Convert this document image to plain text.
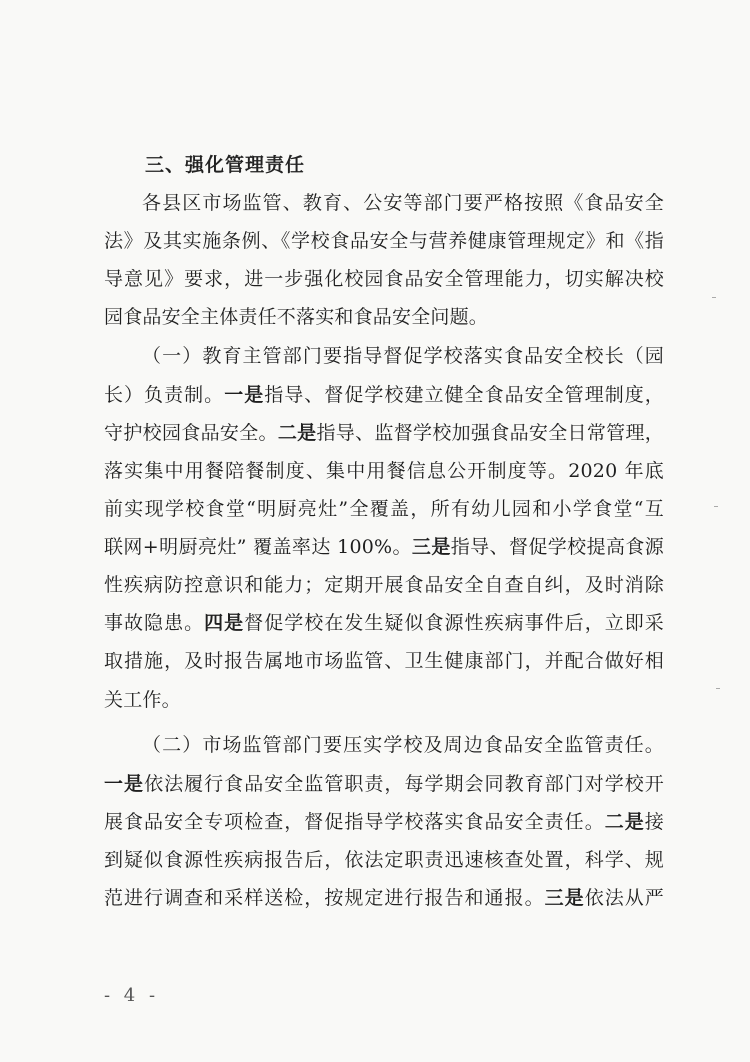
三、强化管理责任
各县区市场监管、教育、公安等部门要严格按照《食品安全
法》及其实施条例、《学校食品安全与营养健康管理规定》和《指
导意见》要求，进一步强化校园食品安全管理能力，切实解决校
园食品安全主体责任不落实和食品安全问题。
（一）教育主管部门要指导督促学校落实食品安全校长（园
长）负责制。一是指导、督促学校建立健全食品安全管理制度，
守护校园食品安全。二是指导、监督学校加强食品安全日常管理，
落实集中用餐陪餐制度、集中用餐信息公开制度等。2020 年底
前实现学校食堂“明厨亮灶”全覆盖，所有幼儿园和小学食堂“互
联网+明厨亮灶” 覆盖率达 100%。三是指导、督促学校提高食源
性疾病防控意识和能力；定期开展食品安全自查自纠，及时消除
事故隐患。四是督促学校在发生疑似食源性疾病事件后，立即采
取措施，及时报告属地市场监管、卫生健康部门，并配合做好相
关工作。
（二）市场监管部门要压实学校及周边食品安全监管责任。
一是依法履行食品安全监管职责，每学期会同教育部门对学校开
展食品安全专项检查，督促指导学校落实食品安全责任。二是接
到疑似食源性疾病报告后，依法定职责迅速核查处置，科学、规
范进行调查和采样送检，按规定进行报告和通报。三是依法从严
- 4 -
